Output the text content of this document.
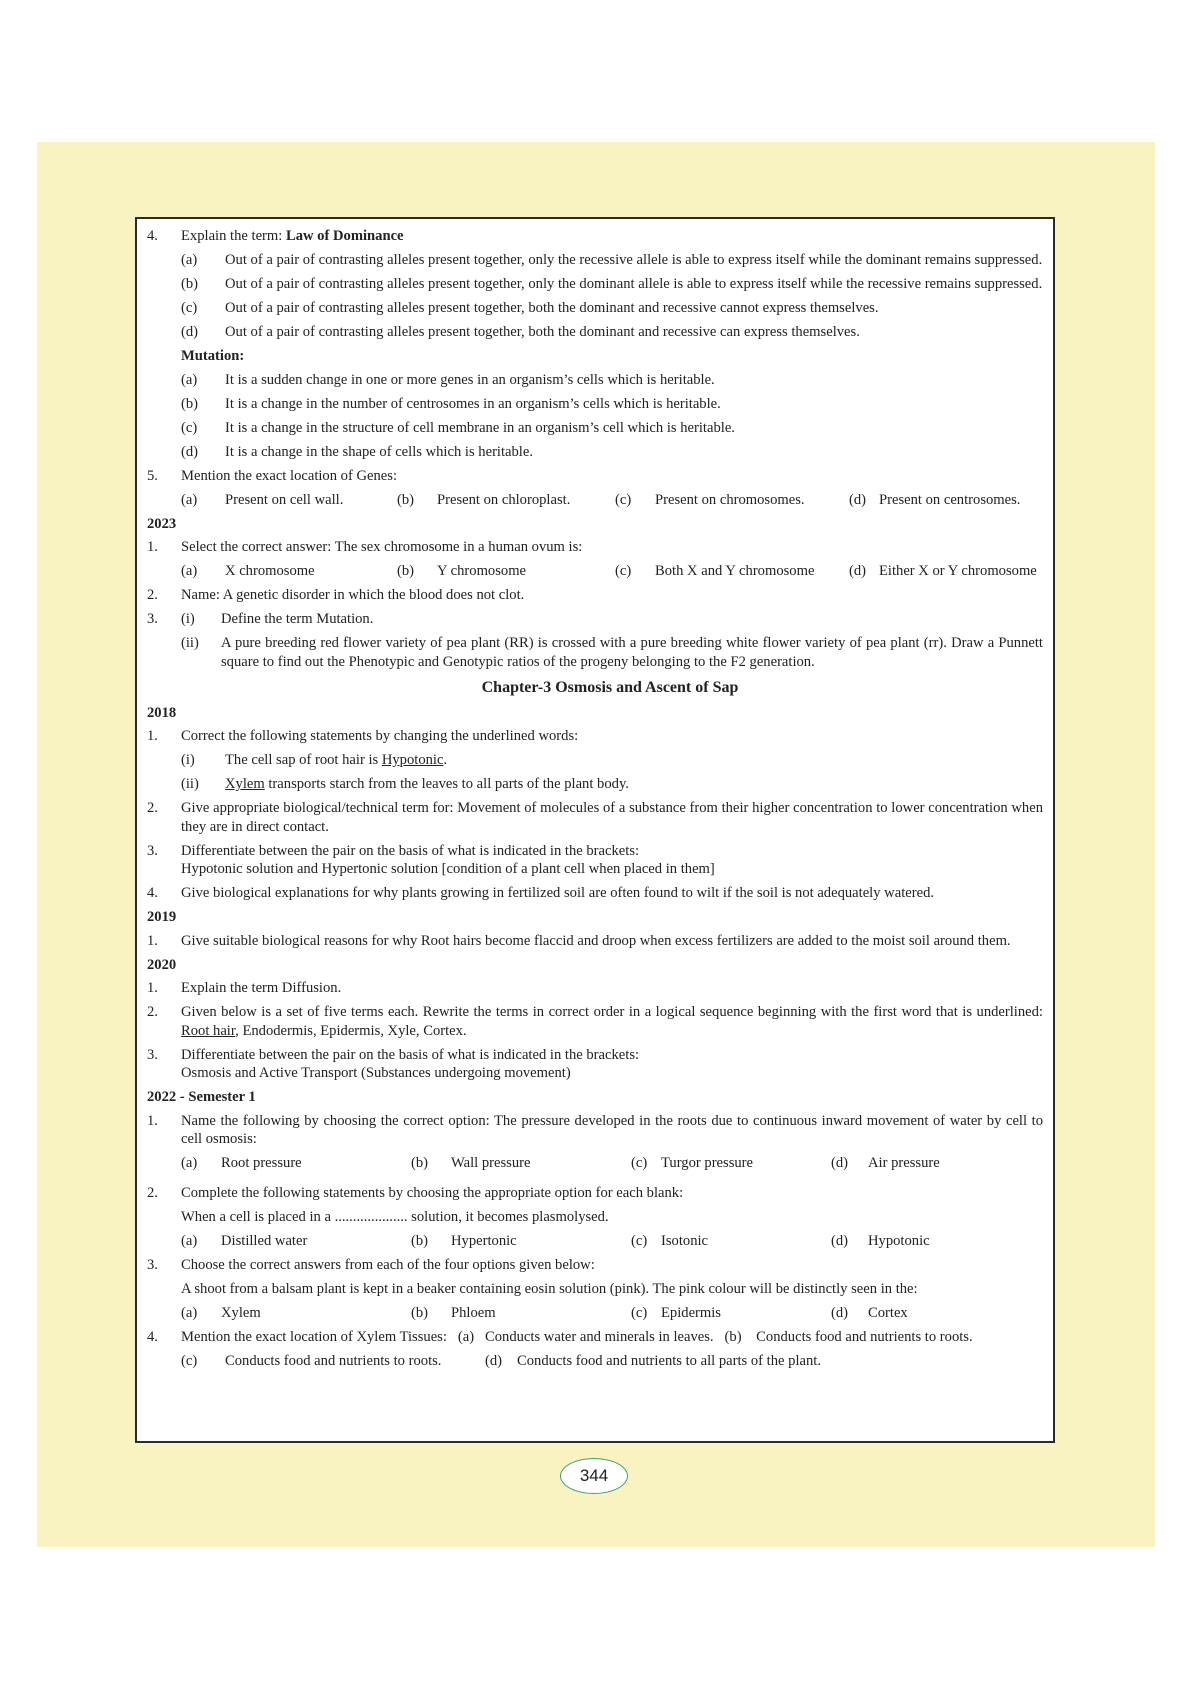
4.	Explain the term: Law of Dominance
(a)	Out of a pair of contrasting alleles present together, only the recessive allele is able to express itself while the dominant remains suppressed.
(b)	Out of a pair of contrasting alleles present together, only the dominant allele is able to express itself while the recessive remains suppressed.
(c)	Out of a pair of contrasting alleles present together, both the dominant and recessive cannot express themselves.
(d)	Out of a pair of contrasting alleles present together, both the dominant and recessive can express themselves.
Mutation:
(a)	It is a sudden change in one or more genes in an organism’s cells which is heritable.
(b)	It is a change in the number of centrosomes in an organism’s cells which is heritable.
(c)	It is a change in the structure of cell membrane in an organism’s cell which is heritable.
(d)	It is a change in the shape of cells which is heritable.
5.	Mention the exact location of Genes:
(a)	Present on cell wall.	(b)	Present on chloroplast.	(c)	Present on chromosomes.	(d) Present on centrosomes.
2023
1.	Select the correct answer: The sex chromosome in a human ovum is:
(a)	X chromosome	(b)	Y chromosome	(c)	Both X and Y chromosome (d) Either X or Y chromosome
2.	Name: A genetic disorder in which the blood does not clot.
3.	(i)	Define the term Mutation.
(ii)	A pure breeding red flower variety of pea plant (RR) is crossed with a pure breeding white flower variety of pea plant (rr). Draw a Punnett square to find out the Phenotypic and Genotypic ratios of the progeny belonging to the F2 generation.
Chapter-3 Osmosis and Ascent of Sap
2018
1.	Correct the following statements by changing the underlined words:
(i)	The cell sap of root hair is Hypotonic.
(ii)	Xylem transports starch from the leaves to all parts of the plant body.
2.	Give appropriate biological/technical term for: Movement of molecules of a substance from their higher concentration to lower concentration when they are in direct contact.
3.	Differentiate between the pair on the basis of what is indicated in the brackets:
Hypotonic solution and Hypertonic solution [condition of a plant cell when placed in them]
4.	Give biological explanations for why plants growing in fertilized soil are often found to wilt if the soil is not adequately watered.
2019
1.	Give suitable biological reasons for why Root hairs become flaccid and droop when excess fertilizers are added to the moist soil around them.
2020
1.	Explain the term Diffusion.
2.	Given below is a set of five terms each. Rewrite the terms in correct order in a logical sequence beginning with the first word that is underlined: Root hair, Endodermis, Epidermis, Xyle, Cortex.
3.	Differentiate between the pair on the basis of what is indicated in the brackets:
Osmosis and Active Transport (Substances undergoing movement)
2022 - Semester 1
1.	Name the following by choosing the correct option: The pressure developed in the roots due to continuous inward movement of water by cell to cell osmosis:
(a)	Root pressure	(b)	Wall pressure	(c) Turgor pressure	(d)	Air pressure
2.	Complete the following statements by choosing the appropriate option for each blank:
When a cell is placed in a .................... solution, it becomes plasmolysed.
(a)	Distilled water	(b)	Hypertonic	(c) Isotonic	(d)	Hypotonic
3.	Choose the correct answers from each of the four options given below:
A shoot from a balsam plant is kept in a beaker containing eosin solution (pink). The pink colour will be distinctly seen in the:
(a)	Xylem	(b)	Phloem	(c) Epidermis	(d)	Cortex
4.	Mention the exact location of Xylem Tissues: (a) Conducts water and minerals in leaves. (b) Conducts food and nutrients to roots.
(c)	Conducts food and nutrients to roots.	(d)	Conducts food and nutrients to all parts of the plant.
344
